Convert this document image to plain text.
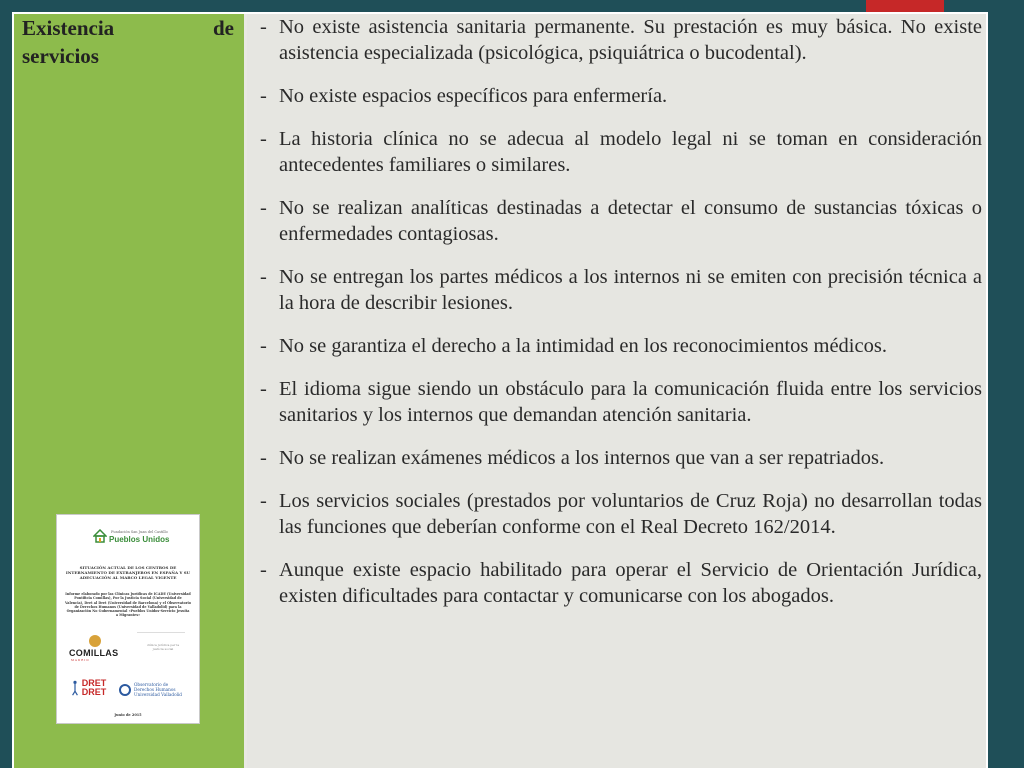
Existencia	de
servicios
- No existe asistencia sanitaria permanente. Su prestación es muy básica. No existe asistencia especializada (psicológica, psiquiátrica o bucodental).
- No existe espacios específicos para enfermería.
- La historia clínica no se adecua al modelo legal ni se toman en consideración antecedentes familiares o similares.
- No se realizan analíticas destinadas a detectar el consumo de sustancias tóxicas o enfermedades contagiosas.
- No se entregan los partes médicos a los internos ni se emiten con precisión técnica a la hora de describir lesiones.
- No se garantiza el derecho a la intimidad en los reconocimientos médicos.
- El idioma sigue siendo un obstáculo para la comunicación fluida entre los servicios sanitarios y los internos que demandan atención sanitaria.
- No se realizan exámenes médicos a los internos que van a ser repatriados.
- Los servicios sociales (prestados por voluntarios de Cruz Roja) no desarrollan todas las funciones que deberían conforme con el Real Decreto 162/2014.
- Aunque existe espacio habilitado para operar el Servicio de Orientación Jurídica, existen dificultades para contactar y comunicarse con los abogados.
Fundación San Juan del Castillo
Pueblos Unidos
SITUACIÓN ACTUAL DE LOS CENTROS DE INTERNAMIENTO DE EXTRANJEROS EN ESPAÑA Y SU ADECUACIÓN AL MARCO LEGAL VIGENTE
Informe elaborado por las Clínicas Jurídicas de ICADE (Universidad Pontificia Comillas), Por la Justicia Social (Universidad de Valencia), Dret al Dret (Universidad de Barcelona) y el Observatorio de Derechos Humanos (Universidad de Valladolid) para la Organización No Gubernamental «Pueblos Unidos-Servicio Jesuita a Migrantes»
COMILLAS
MADRID
clínica jurídica per la justícia social
DRET DRET
Observatorio de Derechos Humanos Universidad Valladolid
Junio de 2015
